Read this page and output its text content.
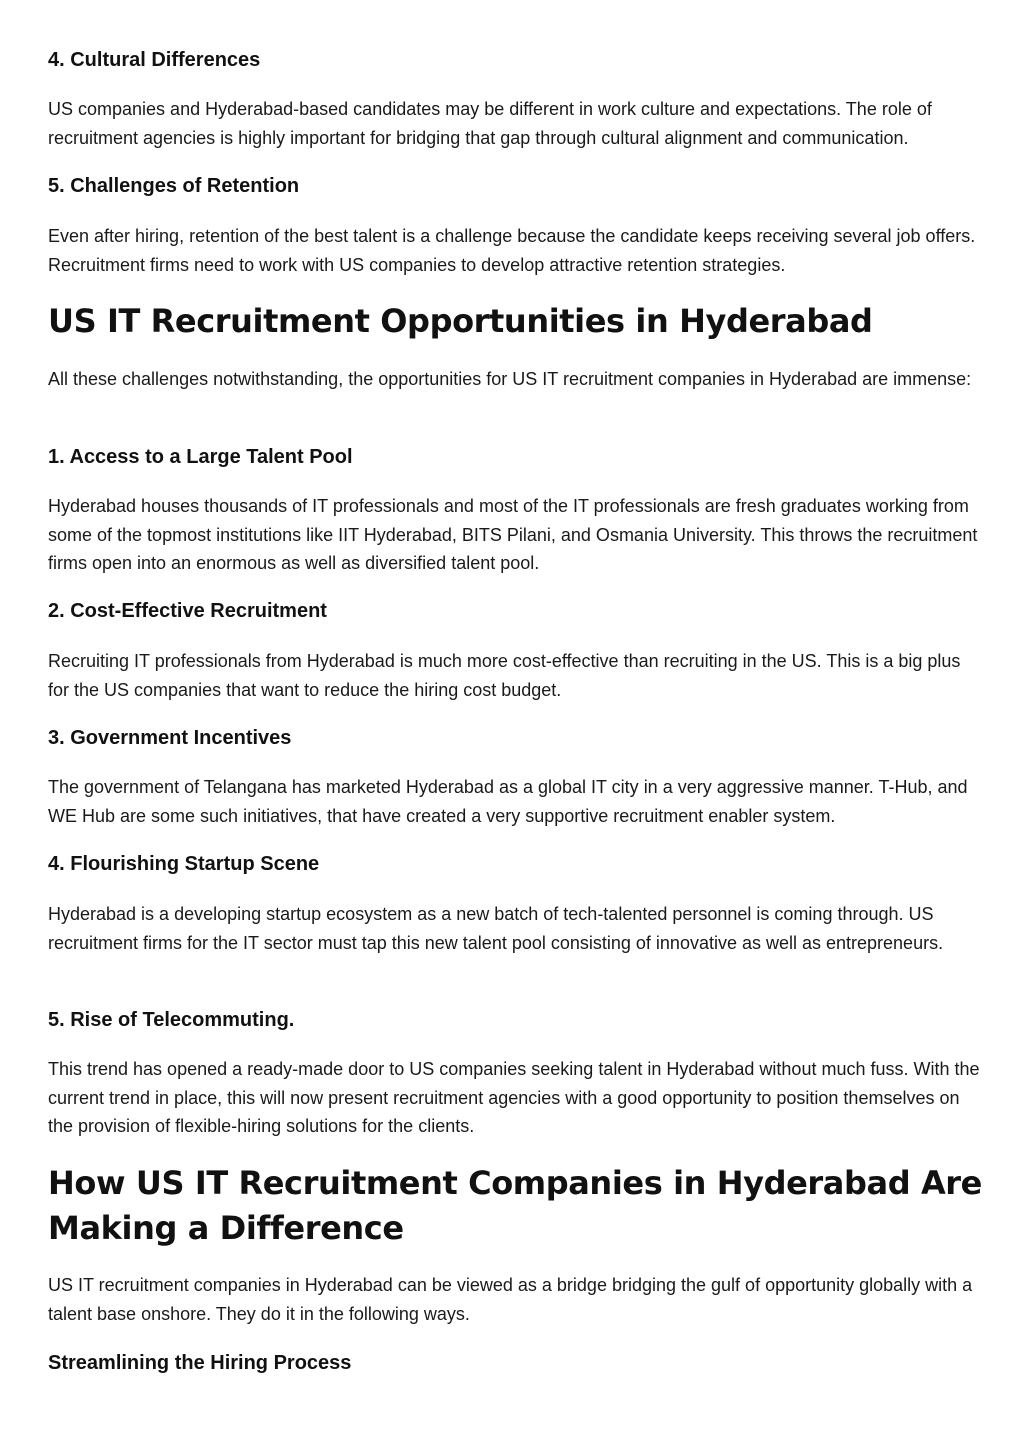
4. Cultural Differences

US companies and Hyderabad-based candidates may be different in work culture and expectations. The role of recruitment agencies is highly important for bridging that gap through cultural alignment and communication.

5. Challenges of Retention

Even after hiring, retention of the best talent is a challenge because the candidate keeps receiving several job offers. Recruitment firms need to work with US companies to develop attractive retention strategies.

US IT Recruitment Opportunities in Hyderabad

All these challenges notwithstanding, the opportunities for US IT recruitment companies in Hyderabad are immense:

1. Access to a Large Talent Pool

Hyderabad houses thousands of IT professionals and most of the IT professionals are fresh graduates working from some of the topmost institutions like IIT Hyderabad, BITS Pilani, and Osmania University. This throws the recruitment firms open into an enormous as well as diversified talent pool.

2. Cost-Effective Recruitment

Recruiting IT professionals from Hyderabad is much more cost-effective than recruiting in the US. This is a big plus for the US companies that want to reduce the hiring cost budget.

3. Government Incentives

The government of Telangana has marketed Hyderabad as a global IT city in a very aggressive manner. T-Hub, and WE Hub are some such initiatives, that have created a very supportive recruitment enabler system.

4. Flourishing Startup Scene

Hyderabad is a developing startup ecosystem as a new batch of tech-talented personnel is coming through. US recruitment firms for the IT sector must tap this new talent pool consisting of innovative as well as entrepreneurs.

5. Rise of Telecommuting.

This trend has opened a ready-made door to US companies seeking talent in Hyderabad without much fuss. With the current trend in place, this will now present recruitment agencies with a good opportunity to position themselves on the provision of flexible-hiring solutions for the clients.

How US IT Recruitment Companies in Hyderabad Are Making a Difference

US IT recruitment companies in Hyderabad can be viewed as a bridge bridging the gulf of opportunity globally with a talent base onshore. They do it in the following ways.

Streamlining the Hiring Process
